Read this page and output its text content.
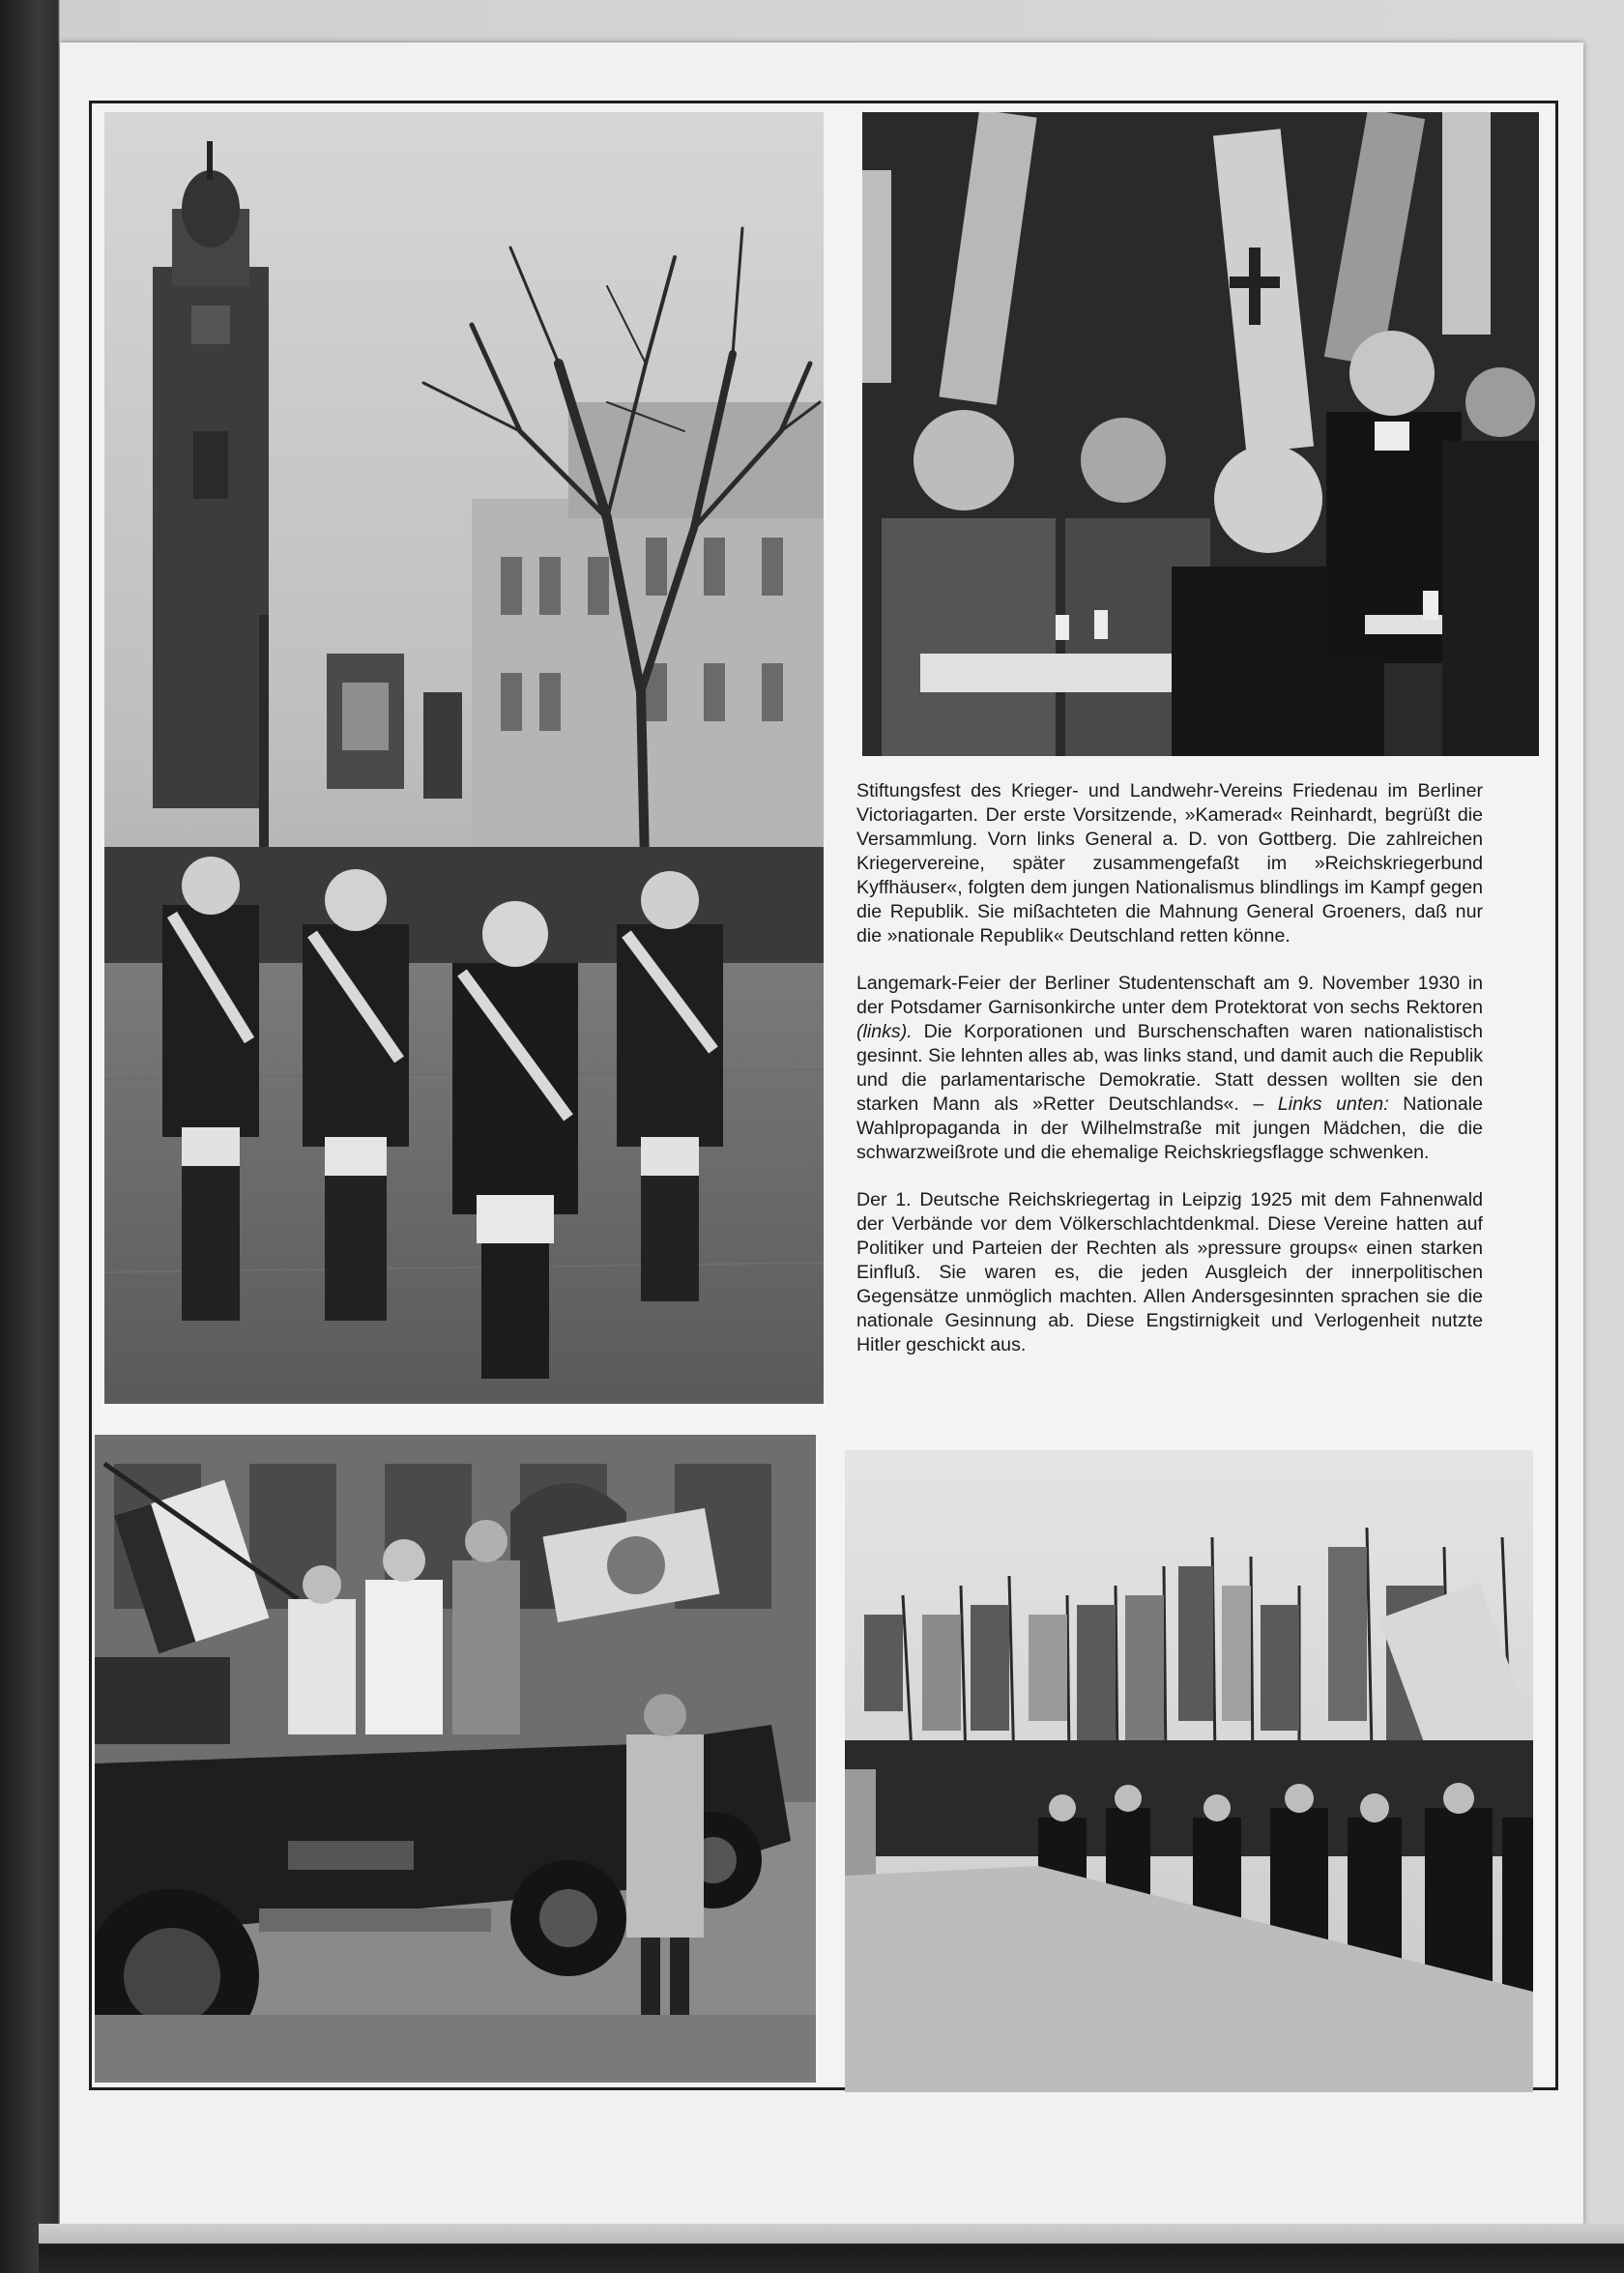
Stiftungsfest des Krieger- und Landwehr-Vereins Friedenau im Berliner Victoriagarten. Der erste Vorsitzende, »Kamerad« Reinhardt, begrüßt die Versammlung. Vorn links General a. D. von Gottberg. Die zahlreichen Kriegervereine, später zusammengefaßt im »Reichskriegerbund Kyffhäuser«, folgten dem jungen Nationalismus blindlings im Kampf gegen die Republik. Sie mißachteten die Mahnung General Groeners, daß nur die »nationale Republik« Deutschland retten könne.

Langemark-Feier der Berliner Studentenschaft am 9. November 1930 in der Potsdamer Garnisonkirche unter dem Protektorat von sechs Rektoren (links). Die Korporationen und Burschenschaften waren nationalistisch gesinnt. Sie lehnten alles ab, was links stand, und damit auch die Republik und die parlamentarische Demokratie. Statt dessen wollten sie den starken Mann als »Retter Deutschlands«. – Links unten: Nationale Wahlpropaganda in der Wilhelmstraße mit jungen Mädchen, die die schwarzweißrote und die ehemalige Reichskriegsflagge schwenken.

Der 1. Deutsche Reichskriegertag in Leipzig 1925 mit dem Fahnenwald der Verbände vor dem Völkerschlachtdenkmal. Diese Vereine hatten auf Politiker und Parteien der Rechten als »pressure groups« einen starken Einfluß. Sie waren es, die jeden Ausgleich der innerpolitischen Gegensätze unmöglich machten. Allen Andersgesinnten sprachen sie die nationale Gesinnung ab. Diese Engstirnigkeit und Verlogenheit nutzte Hitler geschickt aus.
